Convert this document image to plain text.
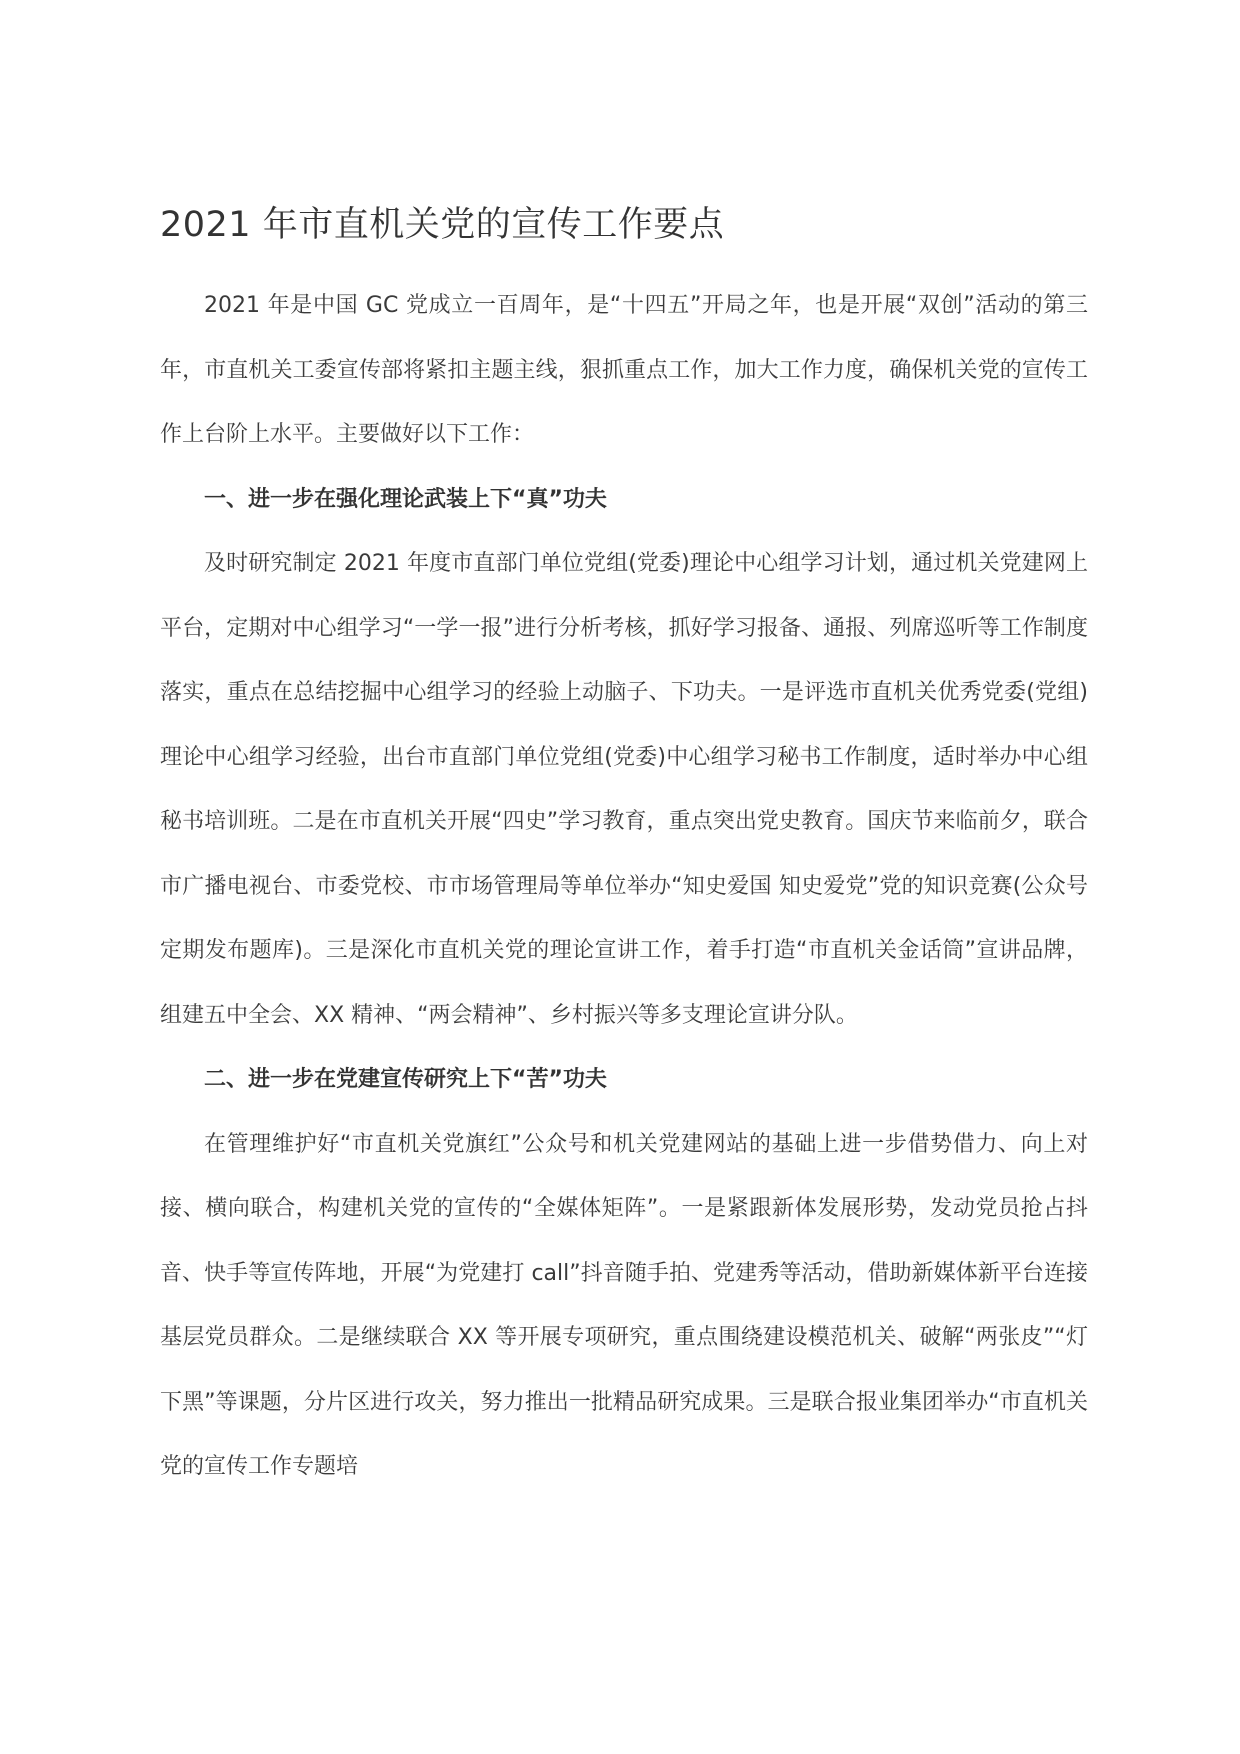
2021 年市直机关党的宣传工作要点

2021 年是中国 GC 党成立一百周年，是“十四五”开局之年，也是开展“双创”活动的第三年，市直机关工委宣传部将紧扣主题主线，狠抓重点工作，加大工作力度，确保机关党的宣传工作上台阶上水平。主要做好以下工作：

一、进一步在强化理论武装上下“真”功夫

及时研究制定 2021 年度市直部门单位党组(党委)理论中心组学习计划，通过机关党建网上平台，定期对中心组学习“一学一报”进行分析考核，抓好学习报备、通报、列席巡听等工作制度落实，重点在总结挖掘中心组学习的经验上动脑子、下功夫。一是评选市直机关优秀党委(党组)理论中心组学习经验，出台市直部门单位党组(党委)中心组学习秘书工作制度，适时举办中心组秘书培训班。二是在市直机关开展“四史”学习教育，重点突出党史教育。国庆节来临前夕，联合市广播电视台、市委党校、市市场管理局等单位举办“知史爱国 知史爱党”党的知识竞赛(公众号定期发布题库)。三是深化市直机关党的理论宣讲工作，着手打造“市直机关金话筒”宣讲品牌，组建五中全会、XX 精神、“两会精神”、乡村振兴等多支理论宣讲分队。

二、进一步在党建宣传研究上下“苦”功夫

在管理维护好“市直机关党旗红”公众号和机关党建网站的基础上进一步借势借力、向上对接、横向联合，构建机关党的宣传的“全媒体矩阵”。一是紧跟新体发展形势，发动党员抢占抖音、快手等宣传阵地，开展“为党建打 call”抖音随手拍、党建秀等活动，借助新媒体新平台连接基层党员群众。二是继续联合 XX 等开展专项研究，重点围绕建设模范机关、破解“两张皮”“灯下黑”等课题，分片区进行攻关，努力推出一批精品研究成果。三是联合报业集团举办“市直机关党的宣传工作专题培
